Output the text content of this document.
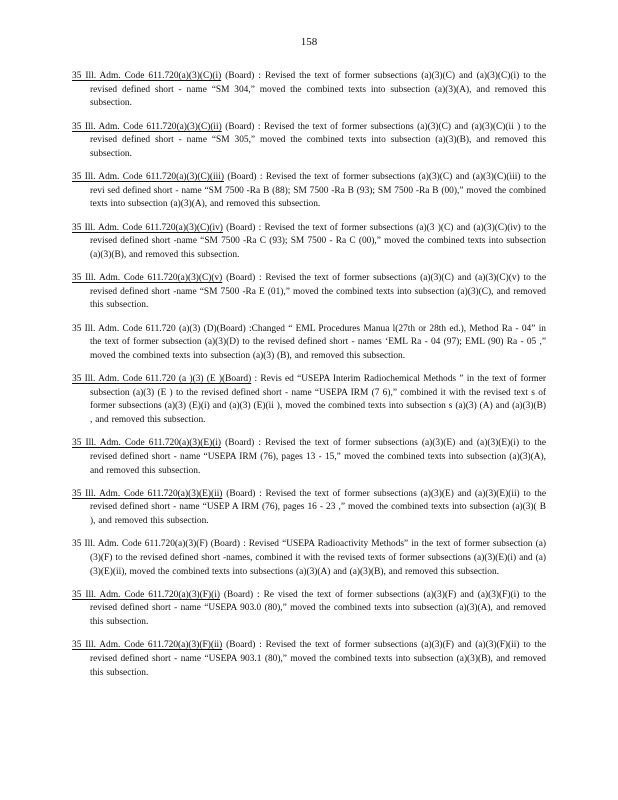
158

35 Ill. Adm. Code 611.720(a)(3)(C)(i) (Board) : Revised the text of former subsections (a)(3)(C) and (a)(3)(C)(i) to the revised defined short - name “SM 304,” moved the combined texts into subsection (a)(3)(A), and removed this subsection.

35 Ill. Adm. Code 611.720(a)(3)(C)(ii) (Board) : Revised the text of former subsections (a)(3)(C) and (a)(3)(C)(ii ) to the revised defined short - name “SM 305,” moved the combined texts into subsection (a)(3)(B), and removed this subsection.

35 Ill. Adm. Code 611.720(a)(3)(C)(iii) (Board) : Revised the text of former subsections (a)(3)(C) and (a)(3)(C)(iii) to the revi sed defined short - name “SM 7500 -Ra B (88); SM 7500 -Ra B (93); SM 7500 -Ra B (00),” moved the combined texts into subsection (a)(3)(A), and removed this subsection.

35 Ill. Adm. Code 611.720(a)(3)(C)(iv) (Board) : Revised the text of former subsections (a)(3 )(C) and (a)(3)(C)(iv) to the revised defined short -name “SM 7500 -Ra C (93); SM 7500 - Ra C (00),” moved the combined texts into subsection (a)(3)(B), and removed this subsection.

35 Ill. Adm. Code 611.720(a)(3)(C)(v) (Board) : Revised the text of former subsections (a)(3)(C) and (a)(3)(C)(v) to the revised defined short -name “SM 7500 -Ra E (01),” moved the combined texts into subsection (a)(3)(C), and removed this subsection.

35 Ill. Adm. Code 611.720 (a)(3) (D)(Board) :Changed “ EML Procedures Manua l(27th or 28th ed.), Method Ra - 04” in the text of former subsection (a)(3)(D) to the revised defined short - names ‘EML Ra - 04 (97); EML (90) Ra - 05 ,” moved the combined texts into subsection (a)(3) (B), and removed this subsection.

35 Ill. Adm. Code 611.720 (a )(3) (E )(Board) : Revis ed “USEPA Interim Radiochemical Methods ” in the text of former subsection (a)(3) (E ) to the revised defined short - name “USEPA IRM (7 6),” combined it with the revised text s of former subsections (a)(3) (E)(i) and (a)(3) (E)(ii ), moved the combined texts into subsection s (a)(3) (A) and (a)(3)(B) , and removed this subsection.

35 Ill. Adm. Code 611.720(a)(3)(E)(i) (Board) : Revised the text of former subsections (a)(3)(E) and (a)(3)(E)(i) to the revised defined short - name “USEPA IRM (76), pages 13 - 15,” moved the combined texts into subsection (a)(3)(A), and removed this subsection.

35 Ill. Adm. Code 611.720(a)(3)(E)(ii) (Board) : Revised the text of former subsections (a)(3)(E) and (a)(3)(E)(ii) to the revised defined short - name “USEP A IRM (76), pages 16 - 23 ,” moved the combined texts into subsection (a)(3)( B ), and removed this subsection.

35 Ill. Adm. Code 611.720(a)(3)(F) (Board) : Revised “USEPA Radioactivity Methods” in the text of former subsection (a)(3)(F) to the revised defined short -names, combined it with the revised texts of former subsections (a)(3)(E)(i) and (a)(3)(E)(ii), moved the combined texts into subsections (a)(3)(A) and (a)(3)(B), and removed this subsection.

35 Ill. Adm. Code 611.720(a)(3)(F)(i) (Board) : Re vised the text of former subsections (a)(3)(F) and (a)(3)(F)(i) to the revised defined short - name “USEPA 903.0 (80),” moved the combined texts into subsection (a)(3)(A), and removed this subsection.

35 Ill. Adm. Code 611.720(a)(3)(F)(ii) (Board) : Revised the text of former subsections (a)(3)(F) and (a)(3)(F)(ii) to the revised defined short - name “USEPA 903.1 (80),” moved the combined texts into subsection (a)(3)(B), and removed this subsection.
